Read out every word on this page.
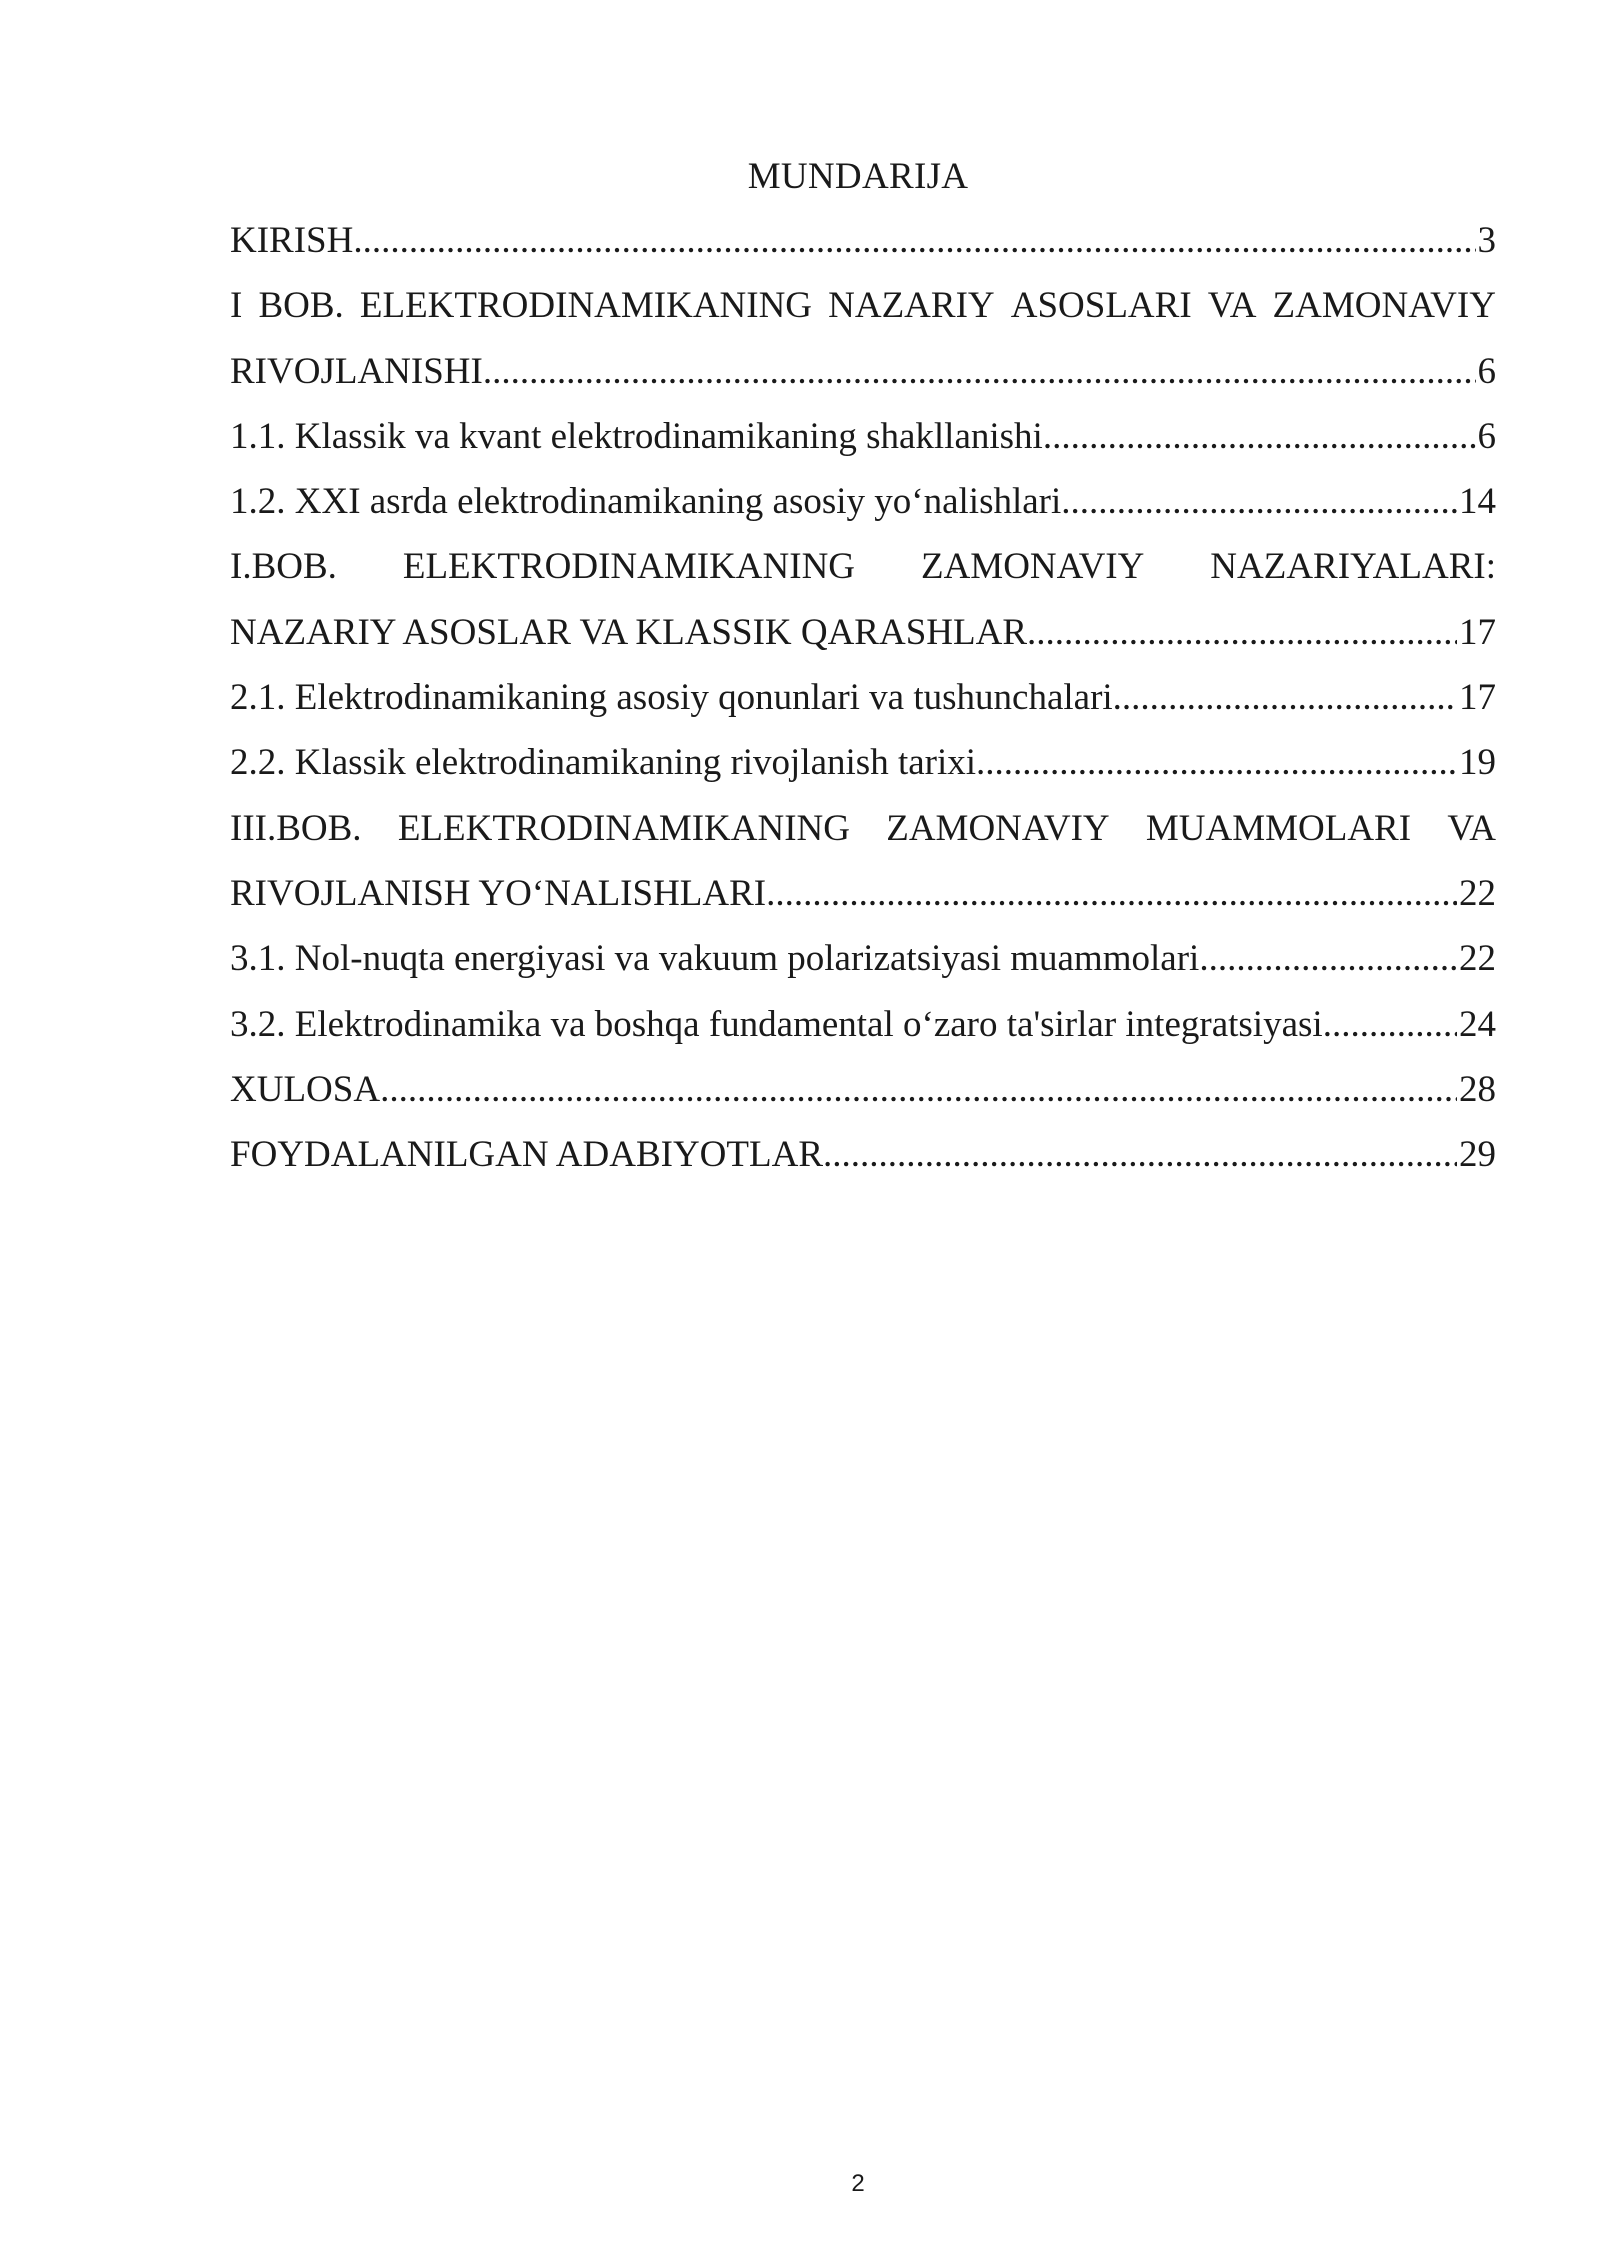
MUNDARIJA
KIRISH .....	3
I BOB. ELEKTRODINAMIKANING NAZARIY ASOSLARI VA ZAMONAVIY
RIVOJLANISHI .....	6
1.1. Klassik va kvant elektrodinamikaning shakllanishi .....	6
1.2. XXI asrda elektrodinamikaning asosiy yo‘nalishlari .....	14
I.BOB. ELEKTRODINAMIKANING ZAMONAVIY NAZARIYALARI:
NAZARIY ASOSLAR VA KLASSIK QARASHLAR .....	17
2.1. Elektrodinamikaning asosiy qonunlari va tushunchalari .....	17
2.2. Klassik elektrodinamikaning rivojlanish tarixi .....	19
III.BOB. ELEKTRODINAMIKANING ZAMONAVIY MUAMMOLARI VA
RIVOJLANISH YO‘NALISHLARI .....	22
3.1. Nol-nuqta energiyasi va vakuum polarizatsiyasi muammolari .....	22
3.2. Elektrodinamika va boshqa fundamental o‘zaro ta'sirlar integratsiyasi .....	24
XULOSA .....	28
FOYDALANILGAN ADABIYOTLAR .....	29
2
